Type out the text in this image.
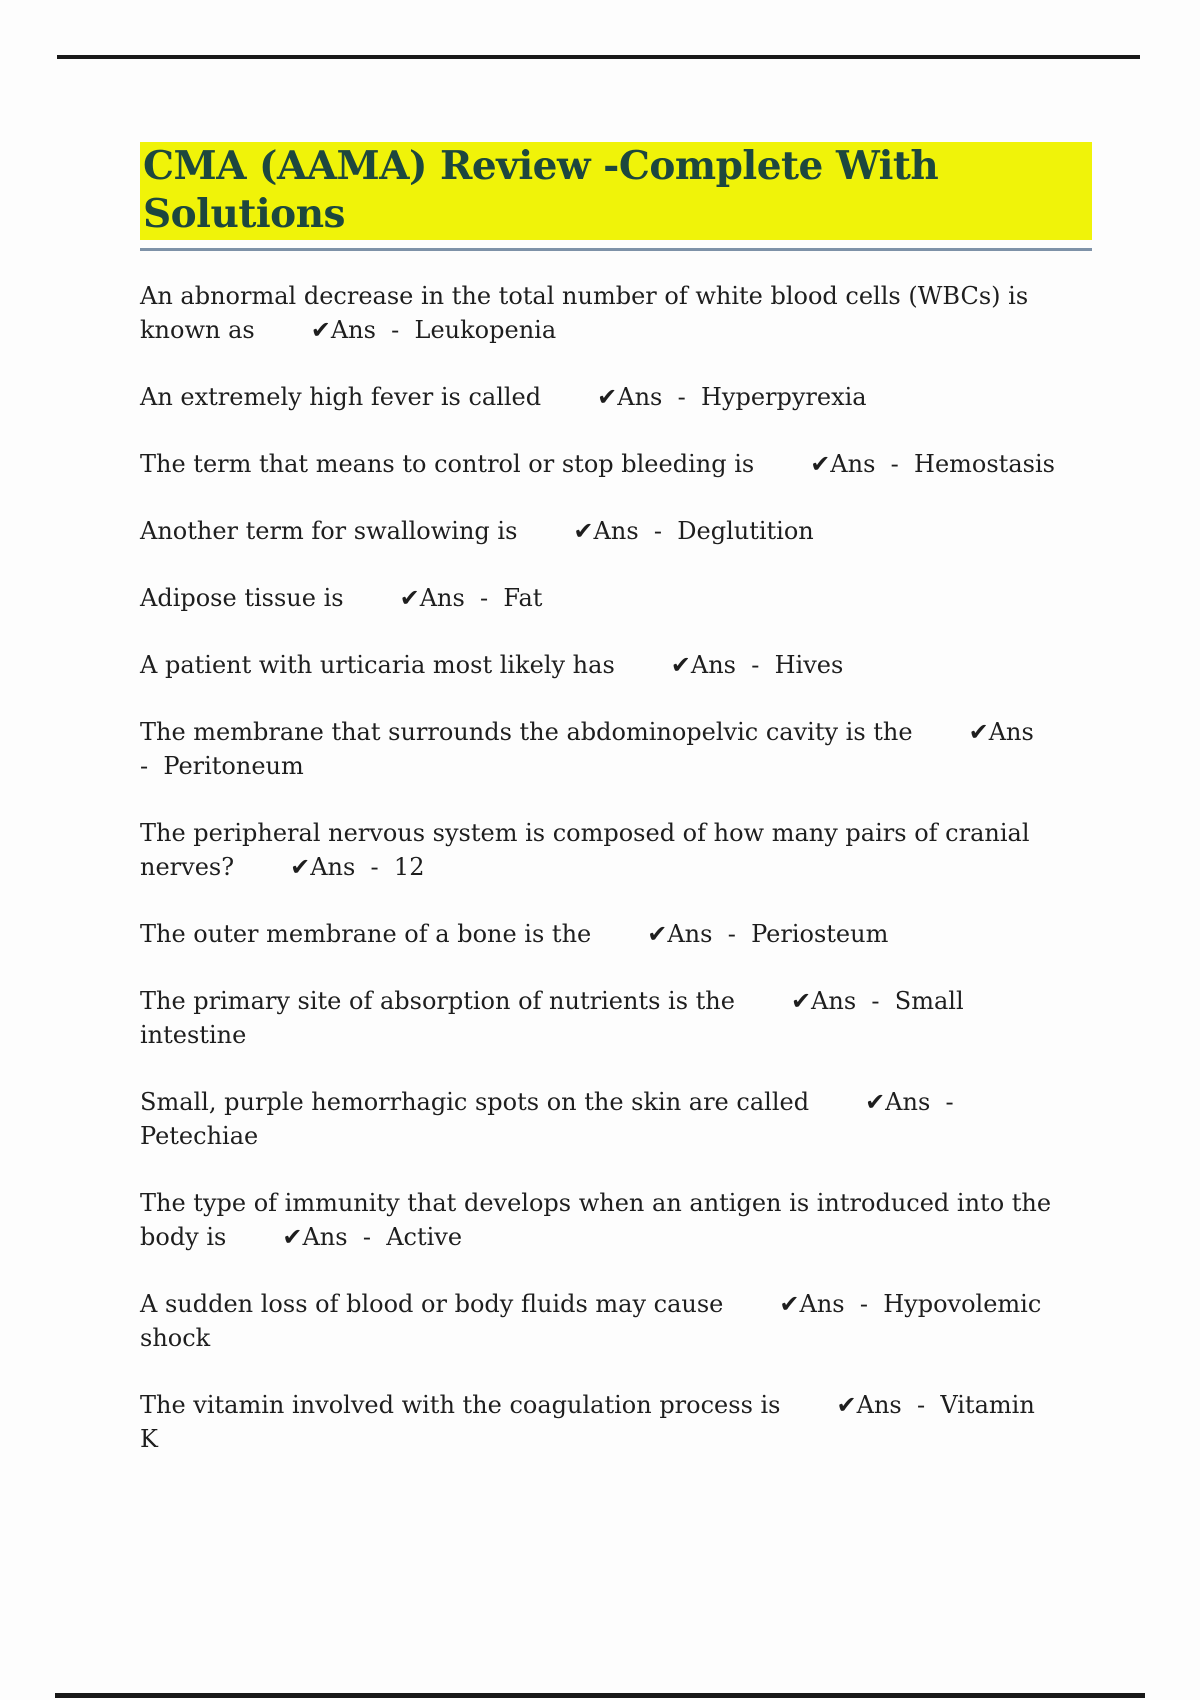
CMA (AAMA) Review -Complete With Solutions

An abnormal decrease in the total number of white blood cells (WBCs) is
known as ✔Ans  -  Leukopenia

An extremely high fever is called ✔Ans  -  Hyperpyrexia

The term that means to control or stop bleeding is ✔Ans  -  Hemostasis

Another term for swallowing is ✔Ans  -  Deglutition

Adipose tissue is ✔Ans  -  Fat

A patient with urticaria most likely has ✔Ans  -  Hives

The membrane that surrounds the abdominopelvic cavity is the ✔Ans
-  Peritoneum

The peripheral nervous system is composed of how many pairs of cranial
nerves? ✔Ans  -  12

The outer membrane of a bone is the ✔Ans  -  Periosteum

The primary site of absorption of nutrients is the ✔Ans  -  Small
intestine

Small, purple hemorrhagic spots on the skin are called ✔Ans  -
Petechiae

The type of immunity that develops when an antigen is introduced into the
body is ✔Ans  -  Active

A sudden loss of blood or body fluids may cause ✔Ans  -  Hypovolemic
shock

The vitamin involved with the coagulation process is ✔Ans  -  Vitamin
K
